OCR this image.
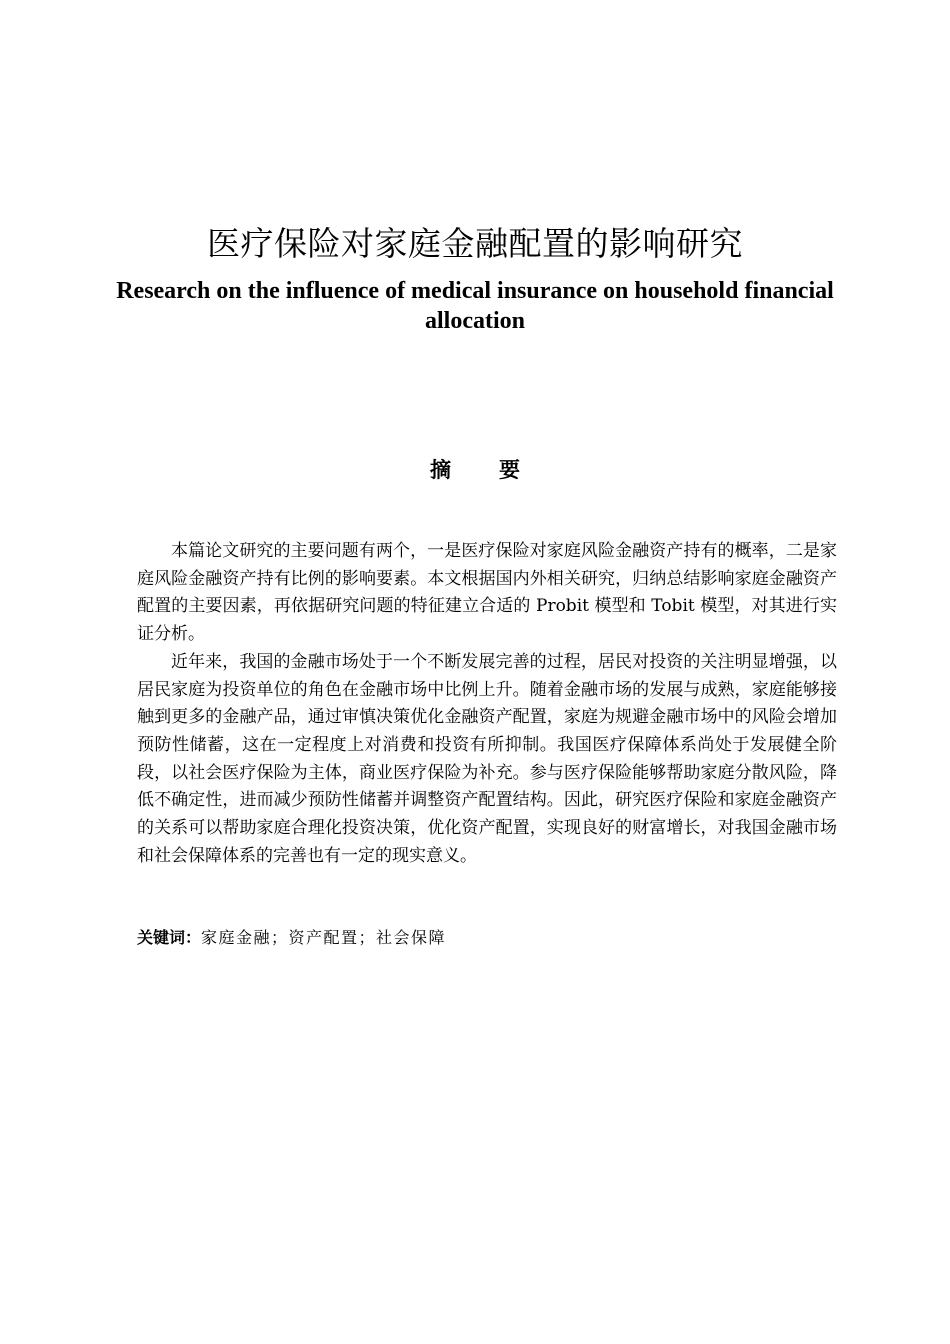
医疗保险对家庭金融配置的影响研究
Research on the influence of medical insurance on household financial allocation
摘 要

本篇论文研究的主要问题有两个，一是医疗保险对家庭风险金融资产持有的概率，二是家庭风险金融资产持有比例的影响要素。本文根据国内外相关研究，归纳总结影响家庭金融资产配置的主要因素，再依据研究问题的特征建立合适的 Probit 模型和 Tobit 模型，对其进行实证分析。

近年来，我国的金融市场处于一个不断发展完善的过程，居民对投资的关注明显增强，以居民家庭为投资单位的角色在金融市场中比例上升。随着金融市场的发展与成熟，家庭能够接触到更多的金融产品，通过审慎决策优化金融资产配置，家庭为规避金融市场中的风险会增加预防性储蓄，这在一定程度上对消费和投资有所抑制。我国医疗保障体系尚处于发展健全阶段，以社会医疗保险为主体，商业医疗保险为补充。参与医疗保险能够帮助家庭分散风险，降低不确定性，进而减少预防性储蓄并调整资产配置结构。因此，研究医疗保险和家庭金融资产的关系可以帮助家庭合理化投资决策，优化资产配置，实现良好的财富增长，对我国金融市场和社会保障体系的完善也有一定的现实意义。

关键词：家庭金融；资产配置；社会保障
